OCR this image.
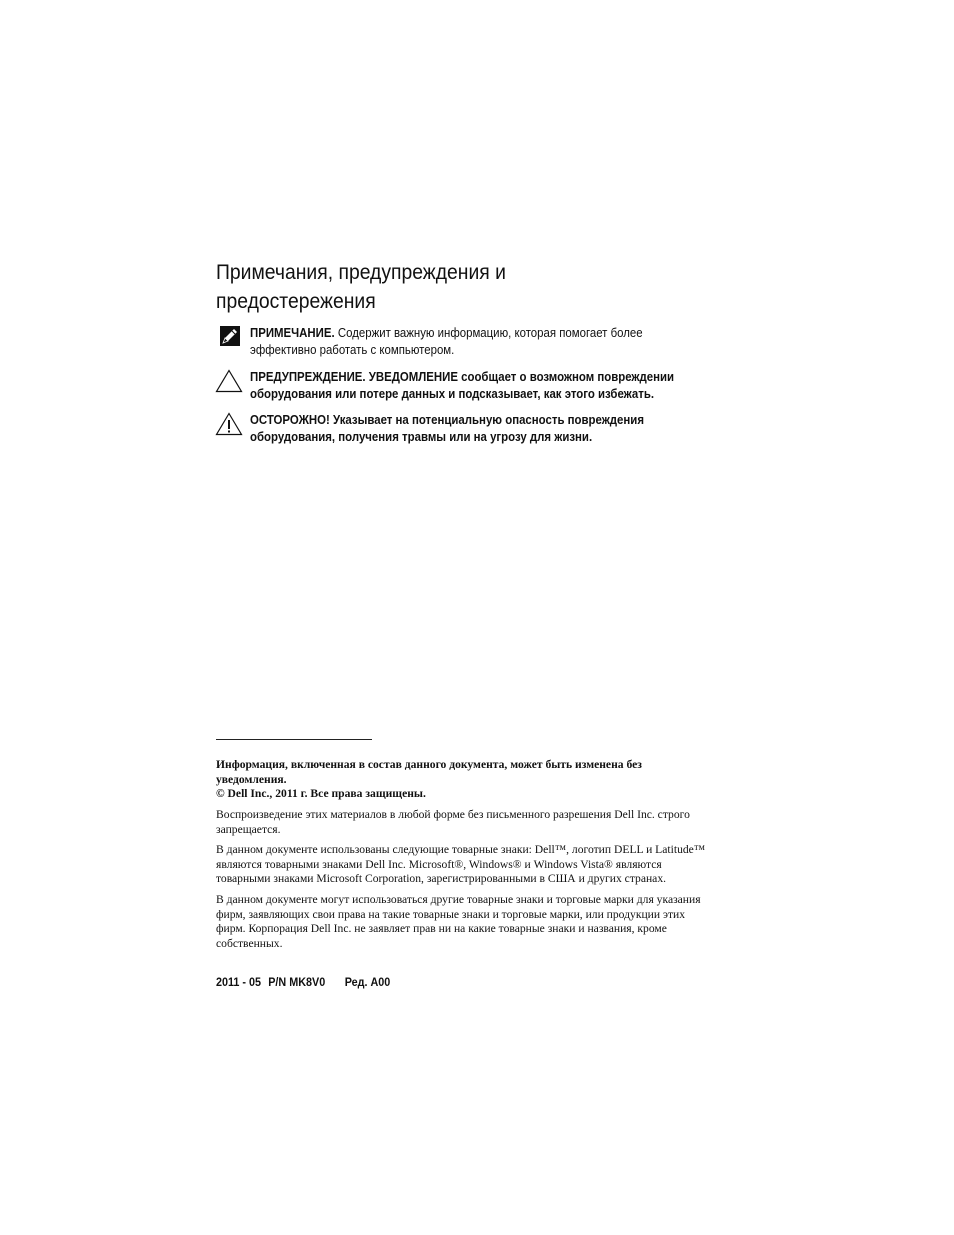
Примечания, предупреждения и
предостережения
ПРИМЕЧАНИЕ. Содержит важную информацию, которая помогает более
эффективно работать с компьютером.
ПРЕДУПРЕЖДЕНИЕ. УВЕДОМЛЕНИЕ сообщает о возможном повреждении
оборудования или потере данных и подсказывает, как этого избежать.
ОСТОРОЖНО! Указывает на потенциальную опасность повреждения
оборудования, получения травмы или на угрозу для жизни.

Информация, включенная в состав данного документа, может быть изменена без
уведомления.
© Dell Inc., 2011 г. Все права защищены.

Воспроизведение этих материалов в любой форме без письменного разрешения Dell Inc. строго
запрещается.

В данном документе использованы следующие товарные знаки: Dell™, логотип DELL и Latitude™
являются товарными знаками Dell Inc. Microsoft®, Windows® и Windows Vista® являются
товарными знаками Microsoft Corporation, зарегистрированными в США и других странах.

В данном документе могут использоваться другие товарные знаки и торговые марки для указания
фирм, заявляющих свои права на такие товарные знаки и торговые марки, или продукции этих
фирм. Корпорация Dell Inc. не заявляет прав ни на какие товарные знаки и названия, кроме
собственных.

2011 - 05 P/N MK8V0 Ред. A00
